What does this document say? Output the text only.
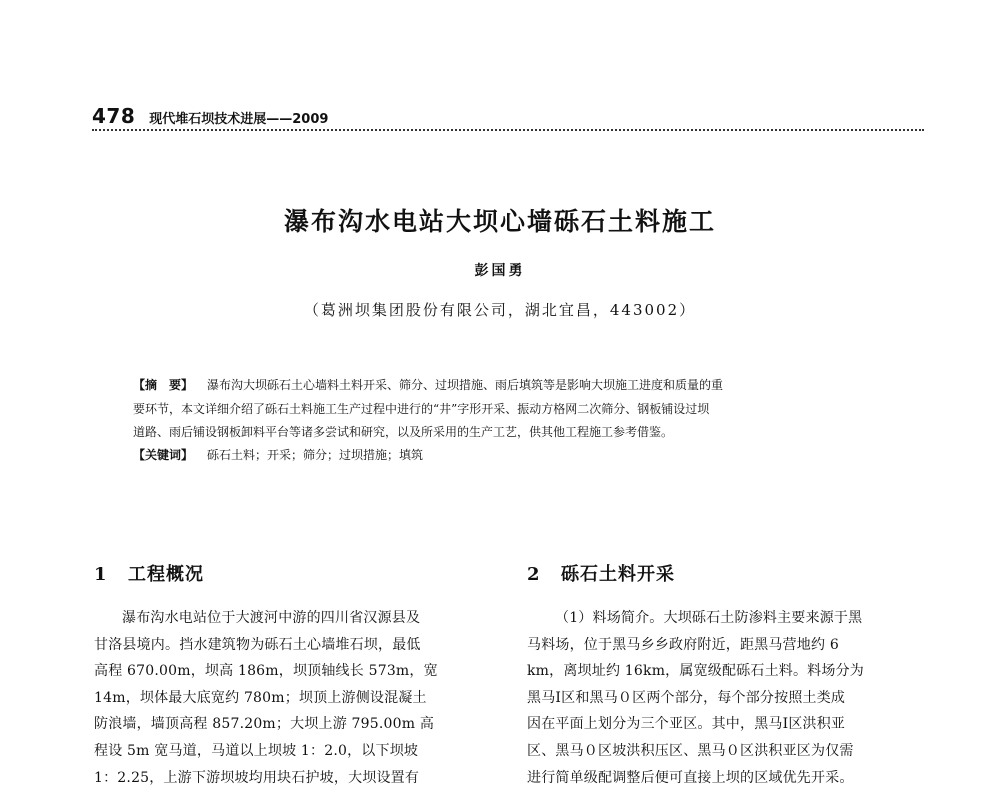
478 现代堆石坝技术进展——2009
瀑布沟水电站大坝心墙砾石土料施工
彭国勇
（葛洲坝集团股份有限公司，湖北宜昌，443002）
【摘　要】 瀑布沟大坝砾石土心墙料土料开采、筛分、过坝措施、雨后填筑等是影响大坝施工进度和质量的重
要环节，本文详细介绍了砾石土料施工生产过程中进行的“井”字形开采、振动方格网二次筛分、钢板铺设过坝
道路、雨后铺设钢板卸料平台等诸多尝试和研究，以及所采用的生产工艺，供其他工程施工参考借鉴。
【关键词】 砾石土料；开采；筛分；过坝措施；填筑
1 工程概况
瀑布沟水电站位于大渡河中游的四川省汉源县及
甘洛县境内。挡水建筑物为砾石土心墙堆石坝，最低
高程 670.00m，坝高 186m，坝顶轴线长 573m，宽
14m，坝体最大底宽约 780m；坝顶上游侧设混凝土
防浪墙，墙顶高程 857.20m；大坝上游 795.00m 高
程设 5m 宽马道，马道以上坝坡 1：2.0，以下坝坡
1：2.25，上游下游坝坡均用块石护坡，大坝设置有
2 砾石土料开采
（1）料场简介。大坝砾石土防渗料主要来源于黑
马料场，位于黑马乡乡政府附近，距黑马营地约 6
km，离坝址约 16km，属宽级配砾石土料。料场分为
黑马Ⅰ区和黑马０区两个部分，每个部分按照土类成
因在平面上划分为三个亚区。其中，黑马Ⅰ区洪积亚
区、黑马０区坡洪积压区、黑马０区洪积亚区为仅需
进行简单级配调整后便可直接上坝的区域优先开采。
